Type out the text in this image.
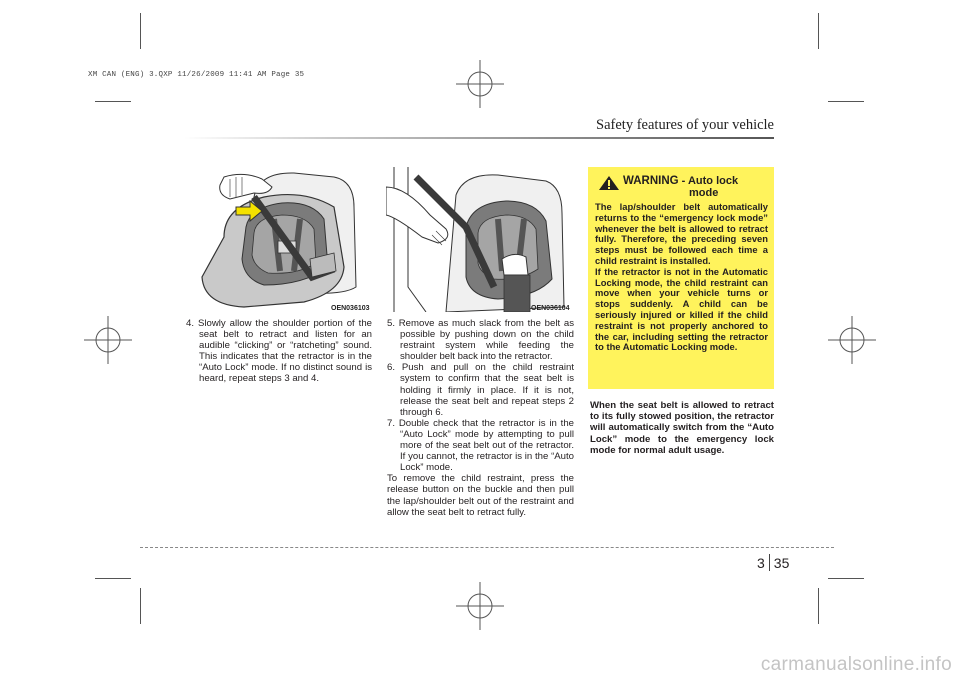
XM CAN (ENG) 3.QXP 11/26/2009 11:41 AM Page 35
Safety features of your vehicle
OEN036103	OEN036104

4. Slowly allow the shoulder portion of the seat belt to retract and listen for an audible “clicking” or “ratcheting” sound. This indicates that the retractor is in the “Auto Lock” mode. If no distinct sound is heard, repeat steps 3 and 4.

5. Remove as much slack from the belt as possible by pushing down on the child restraint system while feeding the shoulder belt back into the retractor.

6. Push and pull on the child restraint system to confirm that the seat belt is holding it firmly in place. If it is not, release the seat belt and repeat steps 2 through 6.

7. Double check that the retractor is in the “Auto Lock” mode by attempting to pull more of the seat belt out of the retractor. If you cannot, the retractor is in the “Auto Lock” mode.

To remove the child restraint, press the release button on the buckle and then pull the lap/shoulder belt out of the restraint and allow the seat belt to retract fully.

WARNING - Auto lock
mode

The lap/shoulder belt automatically returns to the “emergency lock mode” whenever the belt is allowed to retract fully. Therefore, the preceding seven steps must be followed each time a child restraint is installed.

If the retractor is not in the Automatic Locking mode, the child restraint can move when your vehicle turns or stops suddenly. A child can be seriously injured or killed if the child restraint is not properly anchored to the car, including setting the retractor to the Automatic Locking mode.

When the seat belt is allowed to retract to its fully stowed position, the retractor will automatically switch from the “Auto Lock” mode to the emergency lock mode for normal adult usage.

3 35
carmanualsonline.info
